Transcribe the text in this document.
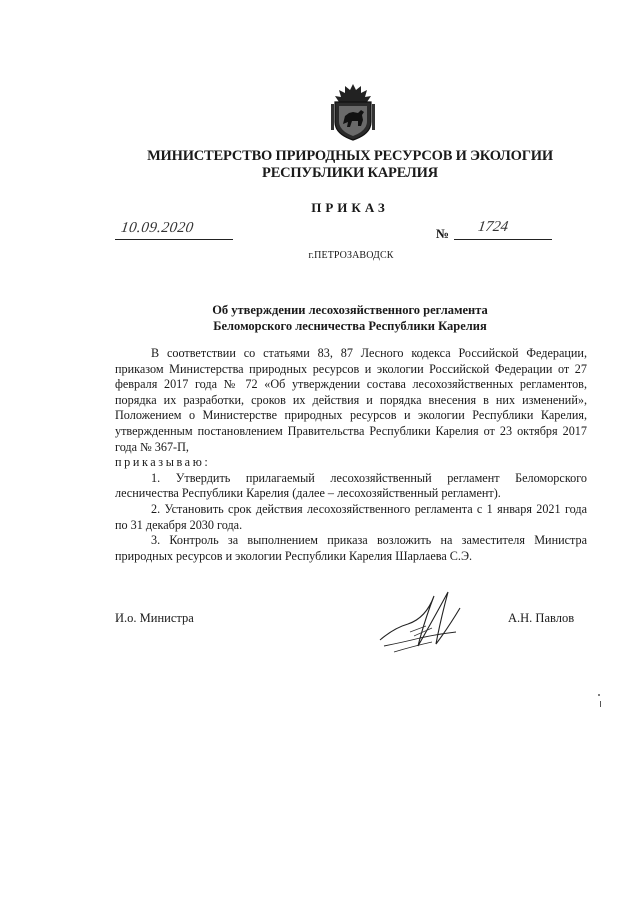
МИНИСТЕРСТВО ПРИРОДНЫХ РЕСУРСОВ И ЭКОЛОГИИ
РЕСПУБЛИКИ КАРЕЛИЯ
ПРИКАЗ
10.09.2020	№ 1724
г.ПЕТРОЗАВОДСК
Об утверждении лесохозяйственного регламента
Беломорского лесничества Республики Карелия

В соответствии со статьями 83, 87 Лесного кодекса Российской Федерации, приказом Министерства природных ресурсов и экологии Российской Федерации от 27 февраля 2017 года № 72 «Об утверждении состава лесохозяйственных регламентов, порядка их разработки, сроков их действия и порядка внесения в них изменений», Положением о Министерстве природных ресурсов и экологии Республики Карелия, утвержденным постановлением Правительства Республики Карелия от 23 октября 2017 года № 367-П,

приказываю:

1. Утвердить прилагаемый лесохозяйственный регламент Беломорского лесничества Республики Карелия (далее – лесохозяйственный регламент).

2. Установить срок действия лесохозяйственного регламента с 1 января 2021 года по 31 декабря 2030 года.

3. Контроль за выполнением приказа возложить на заместителя Министра природных ресурсов и экологии Республики Карелия Шарлаева С.Э.

И.о. Министра	А.Н. Павлов
